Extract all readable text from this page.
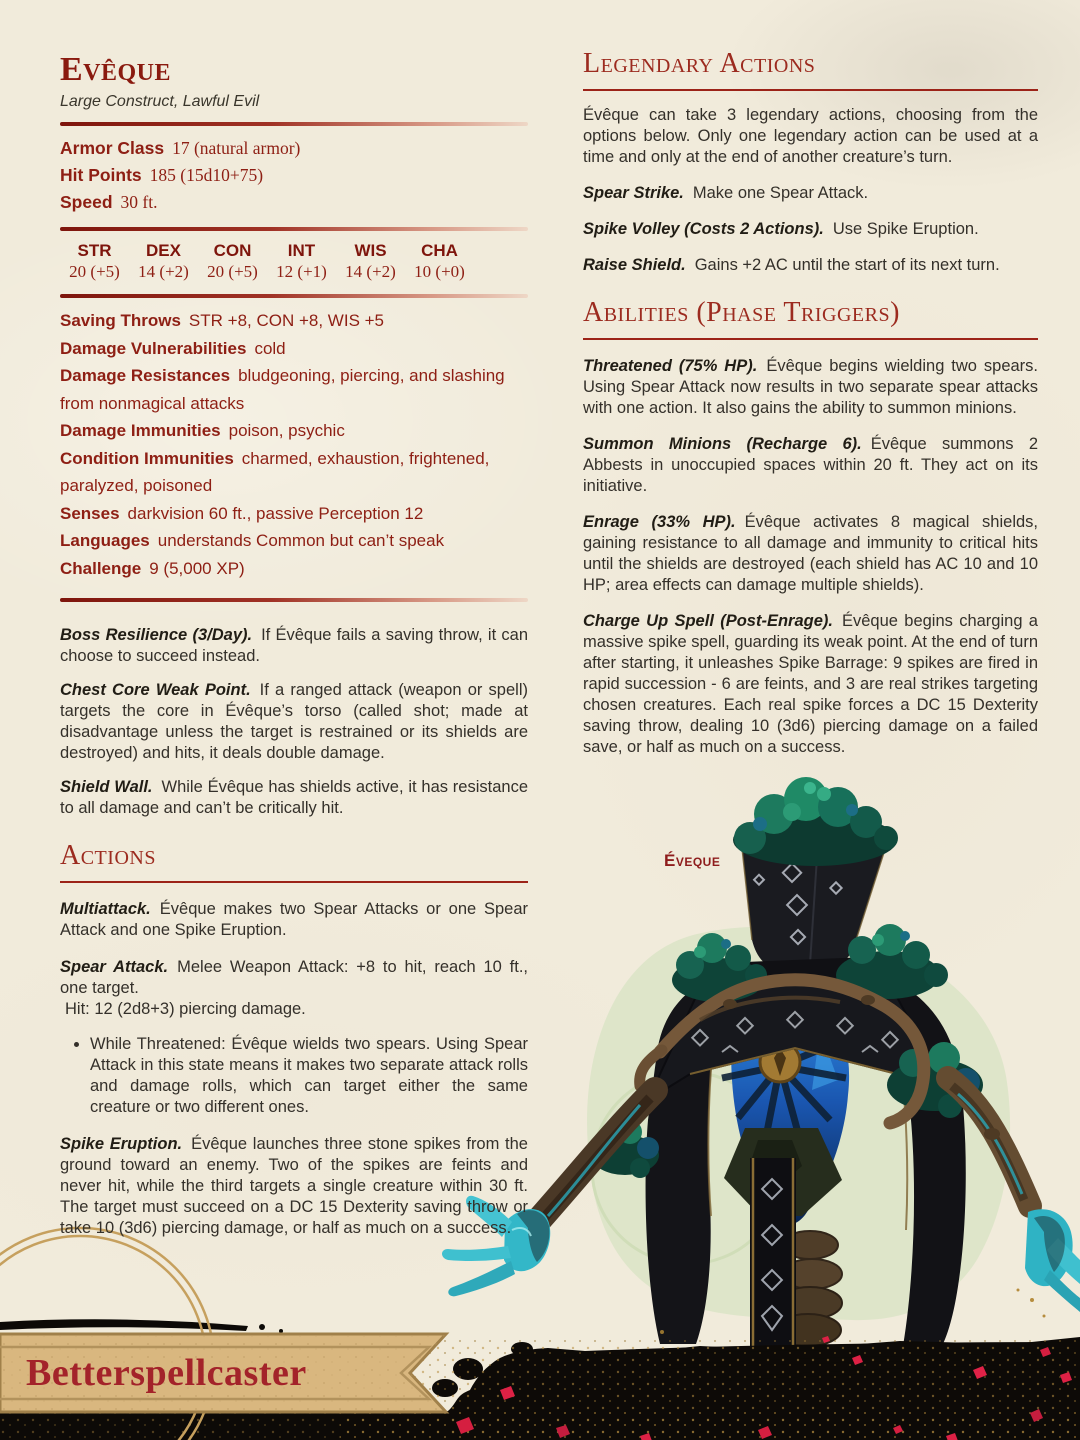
Éveque
Evêque
Large Construct, Lawful Evil
Armor Class 17 (natural armor)
Hit Points 185 (15d10+75)
Speed 30 ft.
STR
20 (+5)
DEX
14 (+2)
CON
20 (+5)
INT
12 (+1)
WIS
14 (+2)
CHA
10 (+0)
Saving Throws STR +8, CON +8, WIS +5
Damage Vulnerabilities cold
Damage Resistances bludgeoning, piercing, and slashing from nonmagical attacks
Damage Immunities poison, psychic
Condition Immunities charmed, exhaustion, frightened, paralyzed, poisoned
Senses darkvision 60 ft., passive Perception 12
Languages understands Common but can’t speak
Challenge 9 (5,000 XP)

Boss Resilience (3/Day). If Évêque fails a saving throw, it can choose to succeed instead.

Chest Core Weak Point. If a ranged attack (weapon or spell) targets the core in Évêque’s torso (called shot; made at disadvantage unless the target is restrained or its shields are destroyed) and hits, it deals double damage.

Shield Wall. While Évêque has shields active, it has resistance to all damage and can’t be critically hit.

Actions

Multiattack. Évêque makes two Spear Attacks or one Spear Attack and one Spike Eruption.

Spear Attack. Melee Weapon Attack: +8 to hit, reach 10 ft., one target.

Hit: 12 (2d8+3) piercing damage.

• While Threatened: Évêque wields two spears. Using Spear Attack in this state means it makes two separate attack rolls and damage rolls, which can target either the same creature or two different ones.

Spike Eruption. Évêque launches three stone spikes from the ground toward an enemy. Two of the spikes are feints and never hit, while the third targets a single creature within 30 ft. The target must succeed on a DC 15 Dexterity saving throw or take 10 (3d6) piercing damage, or half as much on a success.

Legendary Actions

Évêque can take 3 legendary actions, choosing from the options below. Only one legendary action can be used at a time and only at the end of another creature’s turn.

Spear Strike. Make one Spear Attack.
Spike Volley (Costs 2 Actions). Use Spike Eruption.
Raise Shield. Gains +2 AC until the start of its next turn.
Abilities (Phase Triggers)

Threatened (75% HP). Évêque begins wielding two spears. Using Spear Attack now results in two separate spear attacks with one action. It also gains the ability to summon minions.

Summon Minions (Recharge 6). Évêque summons 2 Abbests in unoccupied spaces within 20 ft. They act on its initiative.

Enrage (33% HP). Évêque activates 8 magical shields, gaining resistance to all damage and immunity to critical hits until the shields are destroyed (each shield has AC 10 and 10 HP; area effects can damage multiple shields).

Charge Up Spell (Post-Enrage). Évêque begins charging a massive spike spell, guarding its weak point. At the end of turn after starting, it unleashes Spike Barrage: 9 spikes are fired in rapid succession - 6 are feints, and 3 are real strikes targeting chosen creatures. Each real spike forces a DC 15 Dexterity saving throw, dealing 10 (3d6) piercing damage on a failed save, or half as much on a success.

Betterspellcaster
